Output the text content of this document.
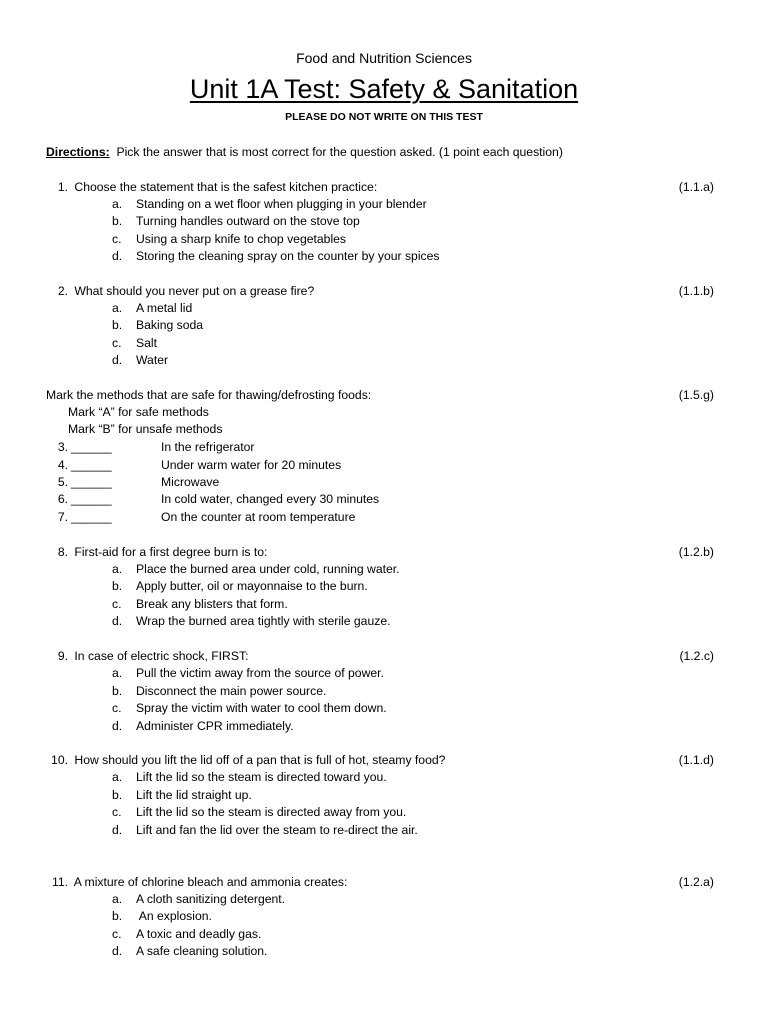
Food and Nutrition Sciences
Unit 1A Test: Safety & Sanitation
PLEASE DO NOT WRITE ON THIS TEST
Directions: Pick the answer that is most correct for the question asked. (1 point each question)
1. Choose the statement that is the safest kitchen practice:	(1.1.a)
a. Standing on a wet floor when plugging in your blender
b. Turning handles outward on the stove top
c. Using a sharp knife to chop vegetables
d. Storing the cleaning spray on the counter by your spices
2. What should you never put on a grease fire?	(1.1.b)
a. A metal lid
b. Baking soda
c. Salt
d. Water
Mark the methods that are safe for thawing/defrosting foods:	(1.5.g)
Mark “A” for safe methods
Mark “B” for unsafe methods
3. ______	In the refrigerator
4. ______	Under warm water for 20 minutes
5. ______	Microwave
6. ______	In cold water, changed every 30 minutes
7. ______	On the counter at room temperature
8. First-aid for a first degree burn is to:	(1.2.b)
a. Place the burned area under cold, running water.
b. Apply butter, oil or mayonnaise to the burn.
c. Break any blisters that form.
d. Wrap the burned area tightly with sterile gauze.
9. In case of electric shock, FIRST:	(1.2.c)
a. Pull the victim away from the source of power.
b. Disconnect the main power source.
c. Spray the victim with water to cool them down.
d. Administer CPR immediately.
10. How should you lift the lid off of a pan that is full of hot, steamy food?	(1.1.d)
a. Lift the lid so the steam is directed toward you.
b. Lift the lid straight up.
c. Lift the lid so the steam is directed away from you.
d. Lift and fan the lid over the steam to re-direct the air.
11. A mixture of chlorine bleach and ammonia creates:	(1.2.a)
a. A cloth sanitizing detergent.
b. An explosion.
c. A toxic and deadly gas.
d. A safe cleaning solution.
